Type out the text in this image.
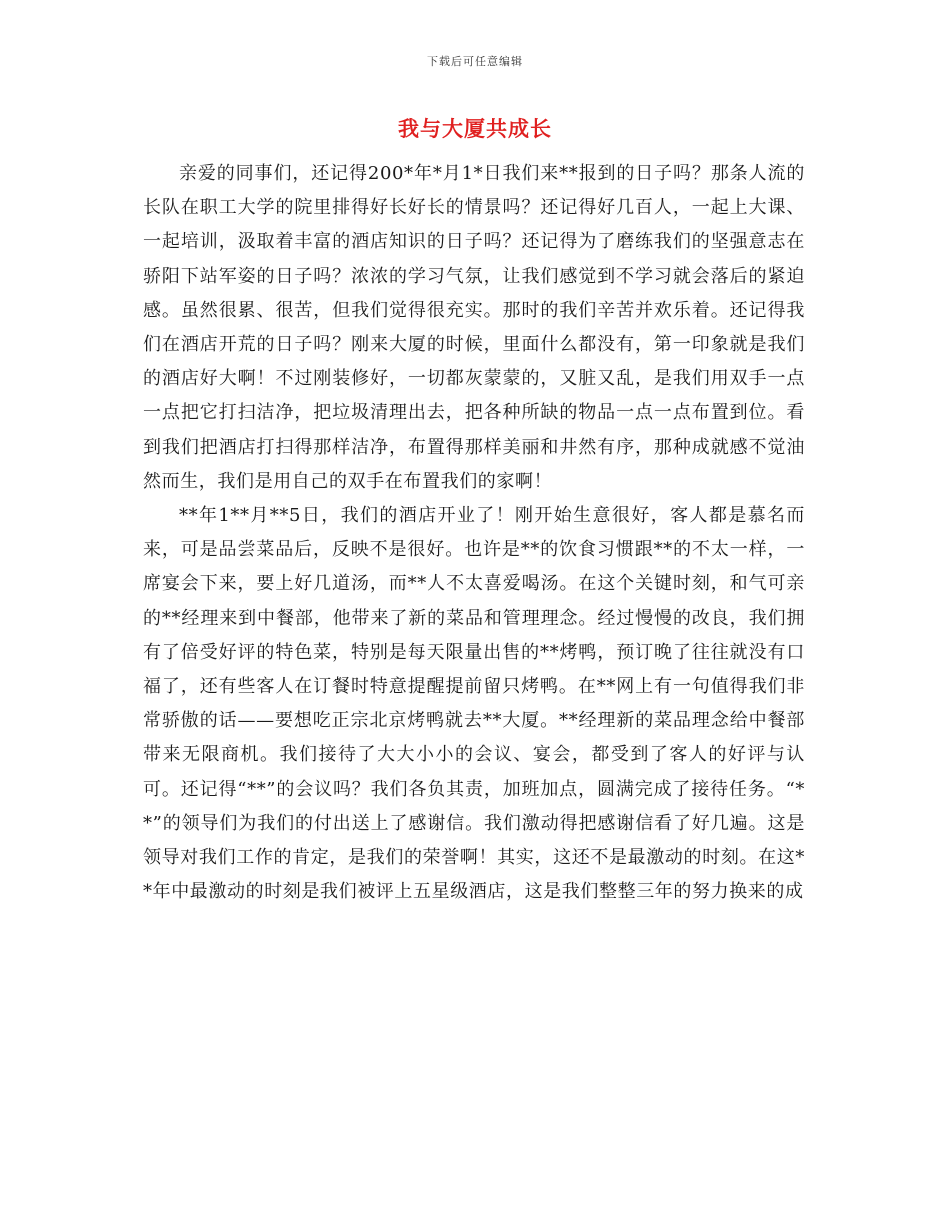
下载后可任意编辑
我与大厦共成长

亲爱的同事们，还记得200*年*月1*日我们来**报到的日子吗？那条人流的长队在职工大学的院里排得好长好长的情景吗？还记得好几百人，一起上大课、一起培训，汲取着丰富的酒店知识的日子吗？还记得为了磨练我们的坚强意志在骄阳下站军姿的日子吗？浓浓的学习气氛，让我们感觉到不学习就会落后的紧迫感。虽然很累、很苦，但我们觉得很充实。那时的我们辛苦并欢乐着。还记得我们在酒店开荒的日子吗？刚来大厦的时候，里面什么都没有，第一印象就是我们的酒店好大啊！不过刚装修好，一切都灰蒙蒙的，又脏又乱，是我们用双手一点一点把它打扫洁净，把垃圾清理出去，把各种所缺的物品一点一点布置到位。看到我们把酒店打扫得那样洁净，布置得那样美丽和井然有序，那种成就感不觉油然而生，我们是用自己的双手在布置我们的家啊！

**年1**月**5日，我们的酒店开业了！刚开始生意很好，客人都是慕名而来，可是品尝菜品后，反映不是很好。也许是**的饮食习惯跟**的不太一样，一席宴会下来，要上好几道汤，而**人不太喜爱喝汤。在这个关键时刻，和气可亲的**经理来到中餐部，他带来了新的菜品和管理理念。经过慢慢的改良，我们拥有了倍受好评的特色菜，特别是每天限量出售的**烤鸭，预订晚了往往就没有口福了，还有些客人在订餐时特意提醒提前留只烤鸭。在**网上有一句值得我们非常骄傲的话——要想吃正宗北京烤鸭就去**大厦。**经理新的菜品理念给中餐部带来无限商机。我们接待了大大小小的会议、宴会，都受到了客人的好评与认可。还记得“**”的会议吗？我们各负其责，加班加点，圆满完成了接待任务。“**”的领导们为我们的付出送上了感谢信。我们激动得把感谢信看了好几遍。这是领导对我们工作的肯定，是我们的荣誉啊！其实，这还不是最激动的时刻。在这**年中最激动的时刻是我们被评上五星级酒店，这是我们整整三年的努力换来的成
